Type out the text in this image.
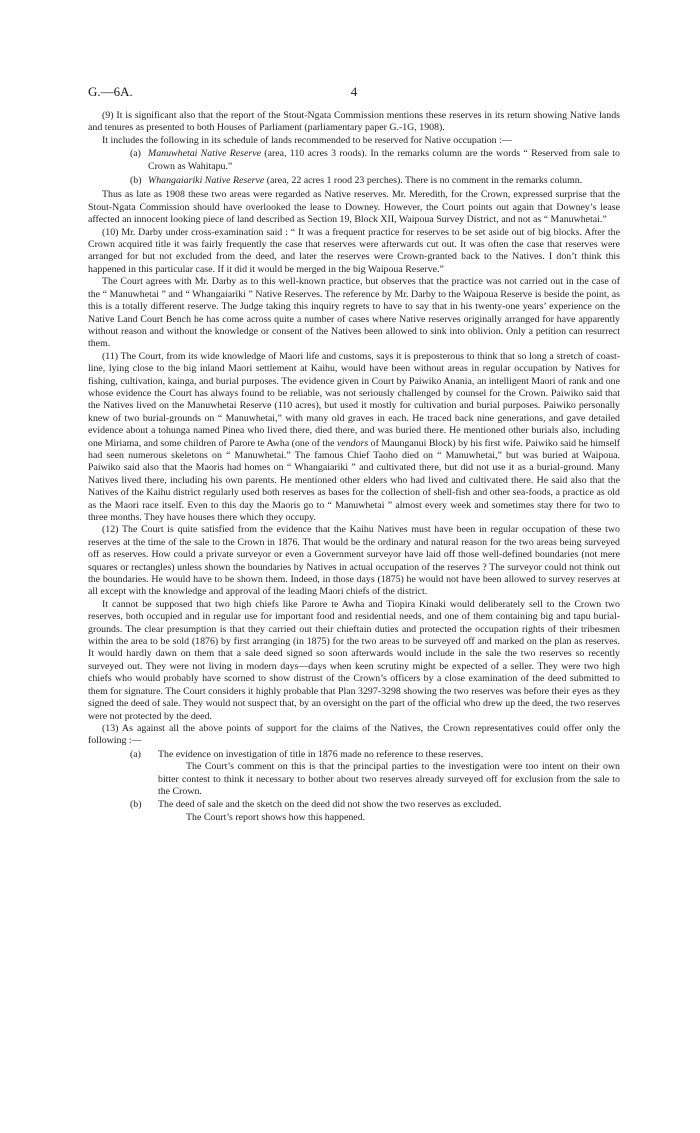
G.—6A.	4

(9) It is significant also that the report of the Stout-Ngata Commission mentions these reserves in its return showing Native lands and tenures as presented to both Houses of Parliament (parliamentary paper G.-1G, 1908).

It includes the following in its schedule of lands recommended to be reserved for Native occupation :—

(a) Manuwhetai Native Reserve (area, 110 acres 3 roods). In the remarks column are the words “ Reserved from sale to Crown as Wahitapu.”

(b) Whangaiariki Native Reserve (area, 22 acres 1 rood 23 perches). There is no comment in the remarks column.

Thus as late as 1908 these two areas were regarded as Native reserves. Mr. Meredith, for the Crown, expressed surprise that the Stout-Ngata Commission should have overlooked the lease to Downey. However, the Court points out again that Downey’s lease affected an innocent looking piece of land described as Section 19, Block XII, Waipoua Survey District, and not as “ Manuwhetai.”

(10) Mr. Darby under cross-examination said : “ It was a frequent practice for reserves to be set aside out of big blocks. After the Crown acquired title it was fairly frequently the case that reserves were afterwards cut out. It was often the case that reserves were arranged for but not excluded from the deed, and later the reserves were Crown-granted back to the Natives. I don’t think this happened in this particular case. If it did it would be merged in the big Waipoua Reserve.”

The Court agrees with Mr. Darby as to this well-known practice, but observes that the practice was not carried out in the case of the “ Manuwhetai ” and “ Whangaiariki ” Native Reserves. The reference by Mr. Darby to the Waipoua Reserve is beside the point, as this is a totally different reserve. The Judge taking this inquiry regrets to have to say that in his twenty-one years’ experience on the Native Land Court Bench he has come across quite a number of cases where Native reserves originally arranged for have apparently without reason and without the knowledge or consent of the Natives been allowed to sink into oblivion. Only a petition can resurrect them.

(11) The Court, from its wide knowledge of Maori life and customs, says it is preposterous to think that so long a stretch of coast-line, lying close to the big inland Maori settlement at Kaihu, would have been without areas in regular occupation by Natives for fishing, cultivation, kainga, and burial purposes. The evidence given in Court by Paiwiko Anania, an intelligent Maori of rank and one whose evidence the Court has always found to be reliable, was not seriously challenged by counsel for the Crown. Paiwiko said that the Natives lived on the Manuwhetai Reserve (110 acres), but used it mostly for cultivation and burial purposes. Paiwiko personally knew of two burial-grounds on “ Manuwhetai,” with many old graves in each. He traced back nine generations, and gave detailed evidence about a tohunga named Pinea who lived there, died there, and was buried there. He mentioned other burials also, including one Miriama, and some children of Parore te Awha (one of the vendors of Maunganui Block) by his first wife. Paiwiko said he himself had seen numerous skeletons on “ Manuwhetai.” The famous Chief Taoho died on “ Manuwhetai,” but was buried at Waipoua. Paiwiko said also that the Maoris had homes on “ Whangaiariki ” and cultivated there, but did not use it as a burial-ground. Many Natives lived there, including his own parents. He mentioned other elders who had lived and cultivated there. He said also that the Natives of the Kaihu district regularly used both reserves as bases for the collection of shell-fish and other sea-foods, a practice as old as the Maori race itself. Even to this day the Maoris go to “ Manuwhetai ” almost every week and sometimes stay there for two to three months. They have houses there which they occupy.

(12) The Court is quite satisfied from the evidence that the Kaihu Natives must have been in regular occupation of these two reserves at the time of the sale to the Crown in 1876. That would be the ordinary and natural reason for the two areas being surveyed off as reserves. How could a private surveyor or even a Government surveyor have laid off those well-defined boundaries (not mere squares or rectangles) unless shown the boundaries by Natives in actual occupation of the reserves ? The surveyor could not think out the boundaries. He would have to be shown them. Indeed, in those days (1875) he would not have been allowed to survey reserves at all except with the knowledge and approval of the leading Maori chiefs of the district.

It cannot be supposed that two high chiefs like Parore te Awha and Tiopira Kinaki would deliberately sell to the Crown two reserves, both occupied and in regular use for important food and residential needs, and one of them containing big and tapu burial-grounds. The clear presumption is that they carried out their chieftain duties and protected the occupation rights of their tribesmen within the area to be sold (1876) by first arranging (in 1875) for the two areas to be surveyed off and marked on the plan as reserves. It would hardly dawn on them that a sale deed signed so soon afterwards would include in the sale the two reserves so recently surveyed out. They were not living in modern days—days when keen scrutiny might be expected of a seller. They were two high chiefs who would probably have scorned to show distrust of the Crown’s officers by a close examination of the deed submitted to them for signature. The Court considers it highly probable that Plan 3297-3298 showing the two reserves was before their eyes as they signed the deed of sale. They would not suspect that, by an oversight on the part of the official who drew up the deed, the two reserves were not protected by the deed.

(13) As against all the above points of support for the claims of the Natives, the Crown representatives could offer only the following :—

(a) The evidence on investigation of title in 1876 made no reference to these reserves.

The Court’s comment on this is that the principal parties to the investigation were too intent on their own bitter contest to think it necessary to bother about two reserves already surveyed off for exclusion from the sale to the Crown.

(b) The deed of sale and the sketch on the deed did not show the two reserves as excluded.

The Court’s report shows how this happened.
